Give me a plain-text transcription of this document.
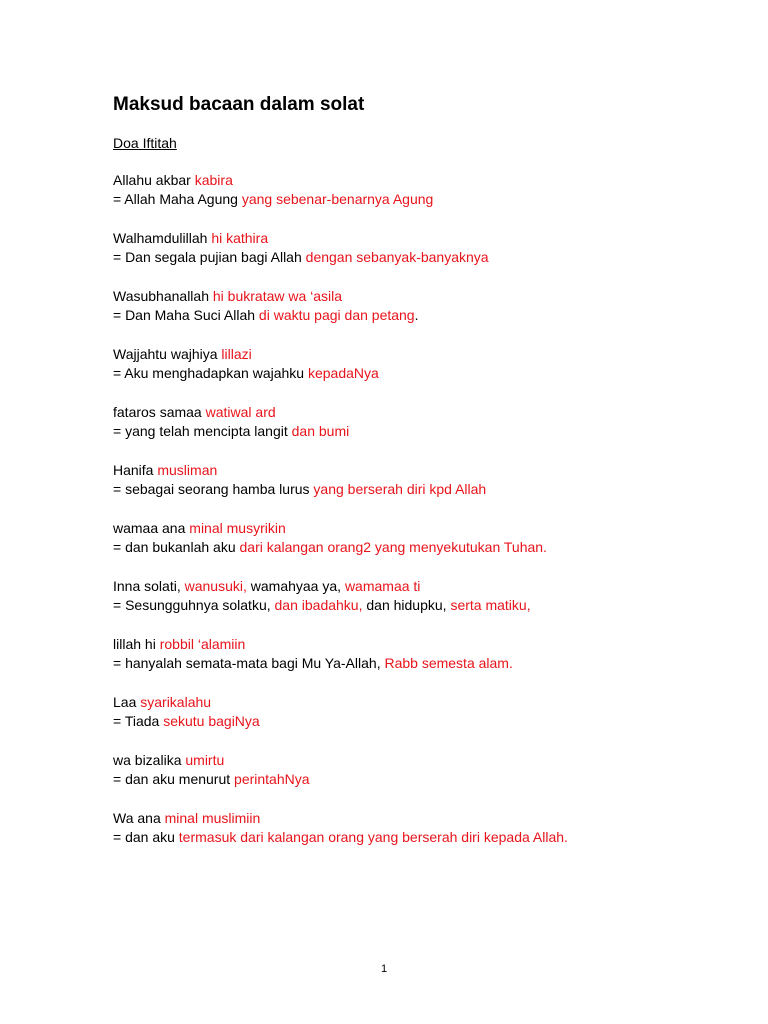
Maksud bacaan dalam solat
Doa Iftitah
Allahu akbar kabira
= Allah Maha Agung yang sebenar-benarnya Agung
Walhamdulillah hi kathira
= Dan segala pujian bagi Allah dengan sebanyak-banyaknya
Wasubhanallah hi bukrataw wa ‘asila
= Dan Maha Suci Allah di waktu pagi dan petang.
Wajjahtu wajhiya lillazi
= Aku menghadapkan wajahku kepadaNya
fataros samaa watiwal ard
= yang telah mencipta langit dan bumi
Hanifa musliman
= sebagai seorang hamba lurus yang berserah diri kpd Allah
wamaa ana minal musyrikin
= dan bukanlah aku dari kalangan orang2 yang menyekutukan Tuhan.
Inna solati, wanusuki, wamahyaa ya, wamamaa ti
= Sesungguhnya solatku, dan ibadahku, dan hidupku, serta matiku,
lillah hi robbil ‘alamiin
= hanyalah semata-mata bagi Mu Ya-Allah, Rabb semesta alam.
Laa syarikalahu
= Tiada sekutu bagiNya
wa bizalika umirtu
= dan aku menurut perintahNya
Wa ana minal muslimiin
= dan aku termasuk dari kalangan orang yang berserah diri kepada Allah.
1
